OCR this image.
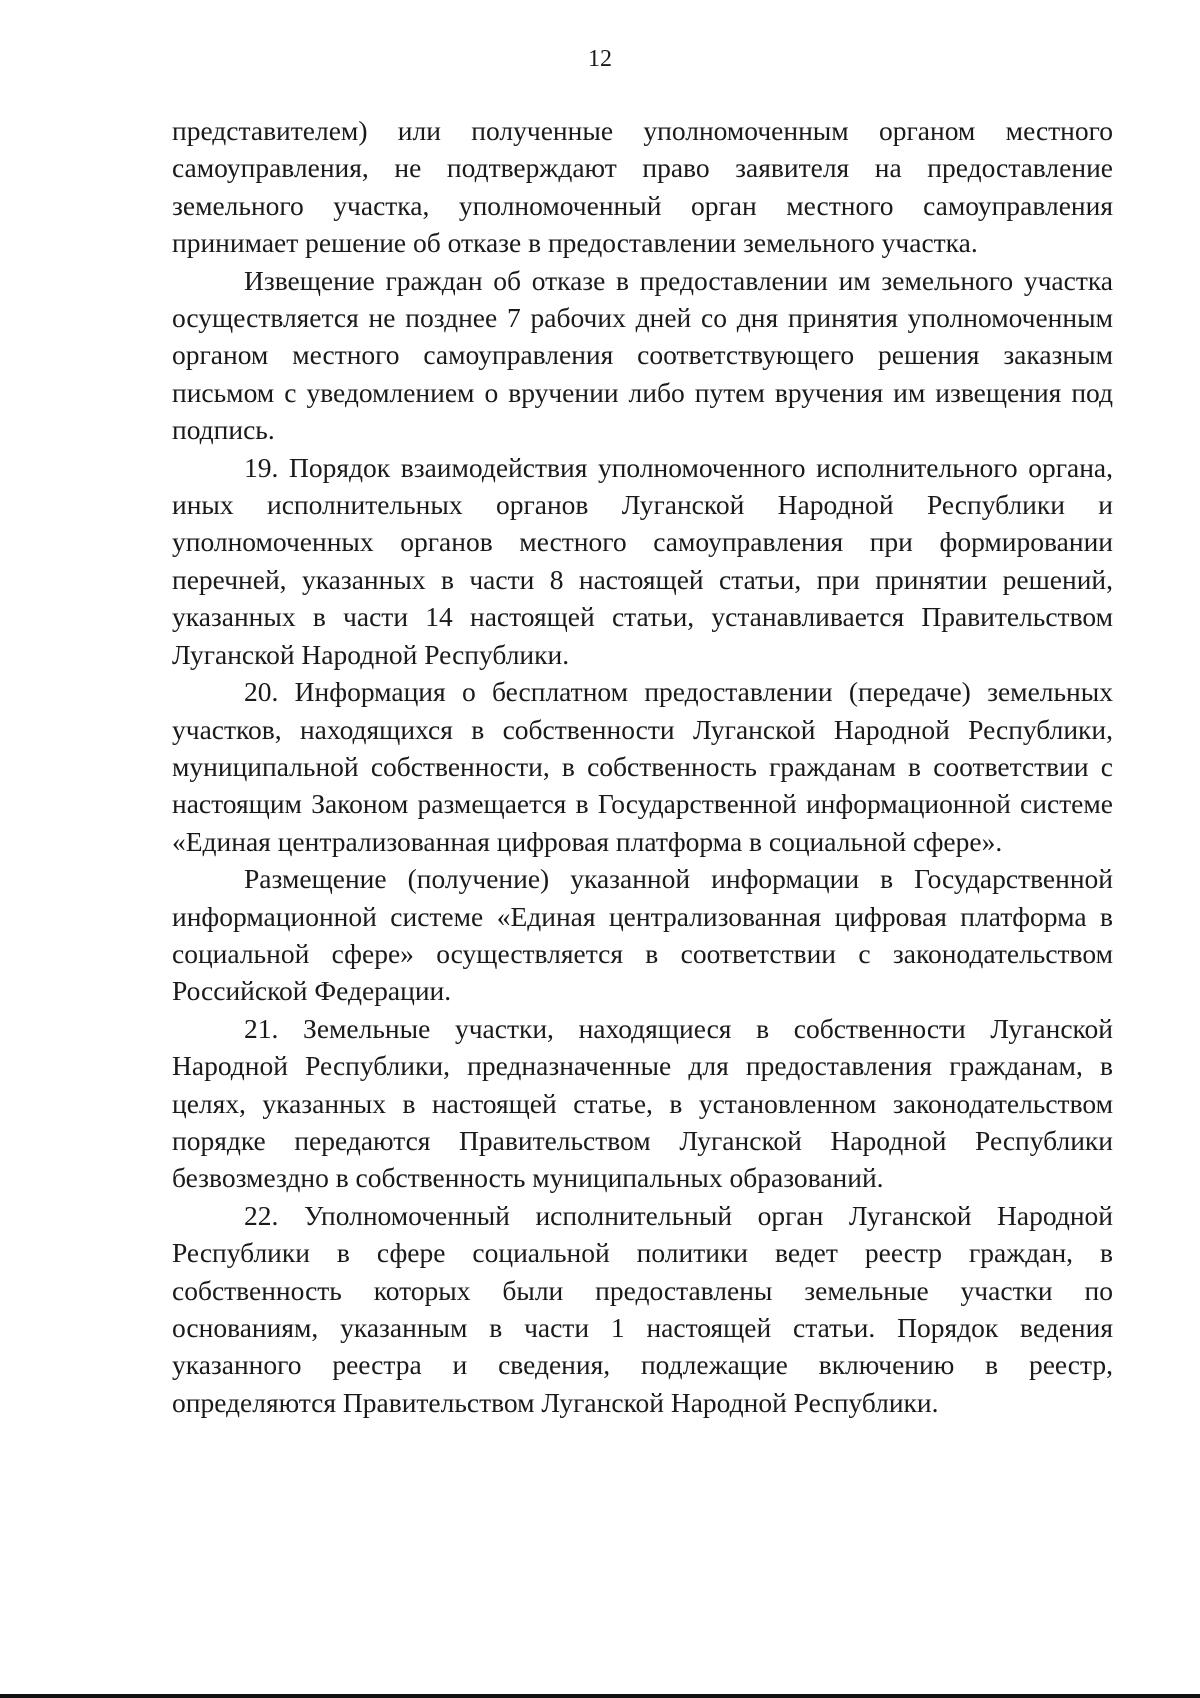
12

представителем) или полученные уполномоченным органом местного самоуправления, не подтверждают право заявителя на предоставление земельного участка, уполномоченный орган местного самоуправления принимает решение об отказе в предоставлении земельного участка.

Извещение граждан об отказе в предоставлении им земельного участка осуществляется не позднее 7 рабочих дней со дня принятия уполномоченным органом местного самоуправления соответствующего решения заказным письмом с уведомлением о вручении либо путем вручения им извещения под подпись.

19. Порядок взаимодействия уполномоченного исполнительного органа, иных исполнительных органов Луганской Народной Республики и уполномоченных органов местного самоуправления при формировании перечней, указанных в части 8 настоящей статьи, при принятии решений, указанных в части 14 настоящей статьи, устанавливается Правительством Луганской Народной Республики.

20. Информация о бесплатном предоставлении (передаче) земельных участков, находящихся в собственности Луганской Народной Республики, муниципальной собственности, в собственность гражданам в соответствии с настоящим Законом размещается в Государственной информационной системе «Единая централизованная цифровая платформа в социальной сфере».

Размещение (получение) указанной информации в Государственной информационной системе «Единая централизованная цифровая платформа в социальной сфере» осуществляется в соответствии с законодательством Российской Федерации.

21. Земельные участки, находящиеся в собственности Луганской Народной Республики, предназначенные для предоставления гражданам, в целях, указанных в настоящей статье, в установленном законодательством порядке передаются Правительством Луганской Народной Республики безвозмездно в собственность муниципальных образований.

22. Уполномоченный исполнительный орган Луганской Народной Республики в сфере социальной политики ведет реестр граждан, в собственность которых были предоставлены земельные участки по основаниям, указанным в части 1 настоящей статьи. Порядок ведения указанного реестра и сведения, подлежащие включению в реестр, определяются Правительством Луганской Народной Республики.
